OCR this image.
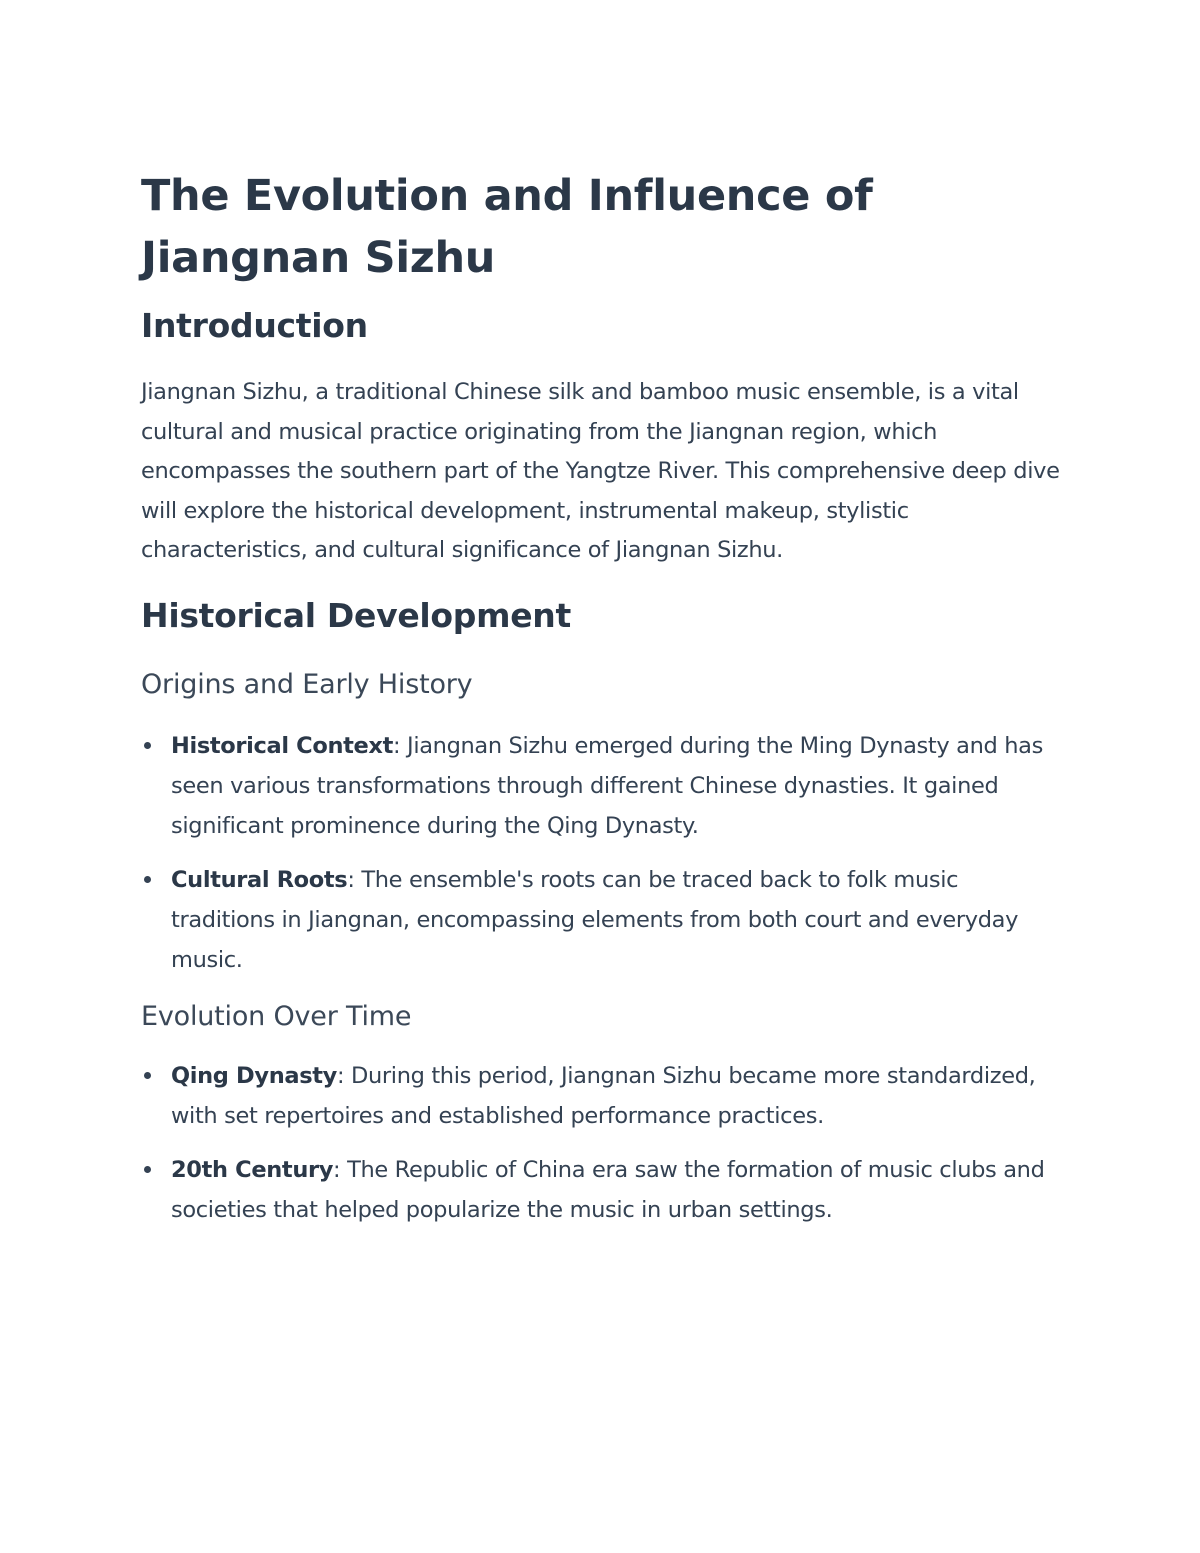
The Evolution and Influence of Jiangnan Sizhu
Introduction

Jiangnan Sizhu, a traditional Chinese silk and bamboo music ensemble, is a vital cultural and musical practice originating from the Jiangnan region, which encompasses the southern part of the Yangtze River. This comprehensive deep dive will explore the historical development, instrumental makeup, stylistic characteristics, and cultural significance of Jiangnan Sizhu.

Historical Development
Origins and Early History
Historical Context: Jiangnan Sizhu emerged during the Ming Dynasty and has seen various transformations through different Chinese dynasties. It gained significant prominence during the Qing Dynasty.
Cultural Roots: The ensemble's roots can be traced back to folk music traditions in Jiangnan, encompassing elements from both court and everyday music.
Evolution Over Time
Qing Dynasty: During this period, Jiangnan Sizhu became more standardized, with set repertoires and established performance practices.
20th Century: The Republic of China era saw the formation of music clubs and societies that helped popularize the music in urban settings.
